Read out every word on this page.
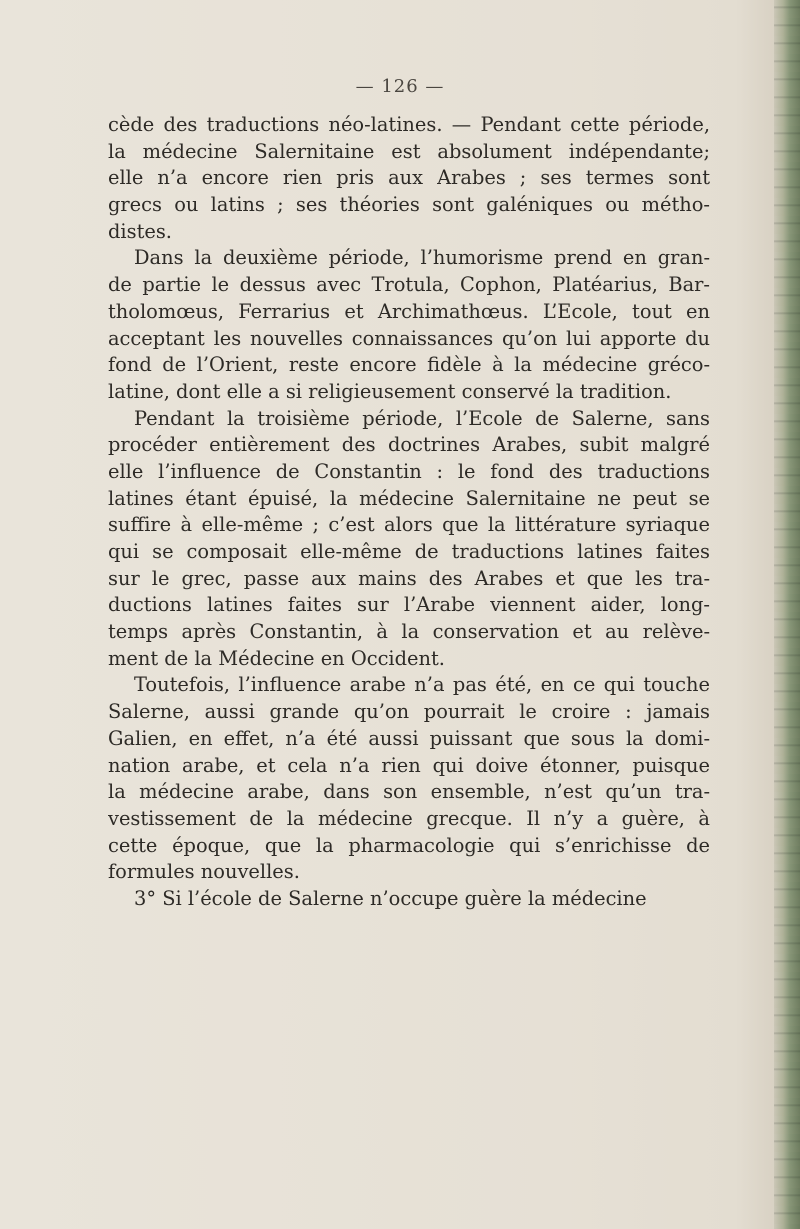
— 126 —
cède des traductions néo-latines. — Pendant cette période,
la médecine Salernitaine est absolument indépendante;
elle n’a encore rien pris aux Arabes ; ses termes sont
grecs ou latins ; ses théories sont galéniques ou métho-
distes.
Dans la deuxième période, l’humorisme prend en gran-
de partie le dessus avec Trotula, Cophon, Platéarius, Bar-
tholomœus, Ferrarius et Archimathœus. L’Ecole, tout en
acceptant les nouvelles connaissances qu’on lui apporte du
fond de l’Orient, reste encore fidèle à la médecine gréco-
latine, dont elle a si religieusement conservé la tradition.
Pendant la troisième période, l’Ecole de Salerne, sans
procéder entièrement des doctrines Arabes, subit malgré
elle l’influence de Constantin : le fond des traductions
latines étant épuisé, la médecine Salernitaine ne peut se
suffire à elle-même ; c’est alors que la littérature syriaque
qui se composait elle-même de traductions latines faites
sur le grec, passe aux mains des Arabes et que les tra-
ductions latines faites sur l’Arabe viennent aider, long-
temps après Constantin, à la conservation et au relève-
ment de la Médecine en Occident.
Toutefois, l’influence arabe n’a pas été, en ce qui touche
Salerne, aussi grande qu’on pourrait le croire : jamais
Galien, en effet, n’a été aussi puissant que sous la domi-
nation arabe, et cela n’a rien qui doive étonner, puisque
la médecine arabe, dans son ensemble, n’est qu’un tra-
vestissement de la médecine grecque. Il n’y a guère, à
cette époque, que la pharmacologie qui s’enrichisse de
formules nouvelles.
3° Si l’école de Salerne n’occupe guère la médecine
